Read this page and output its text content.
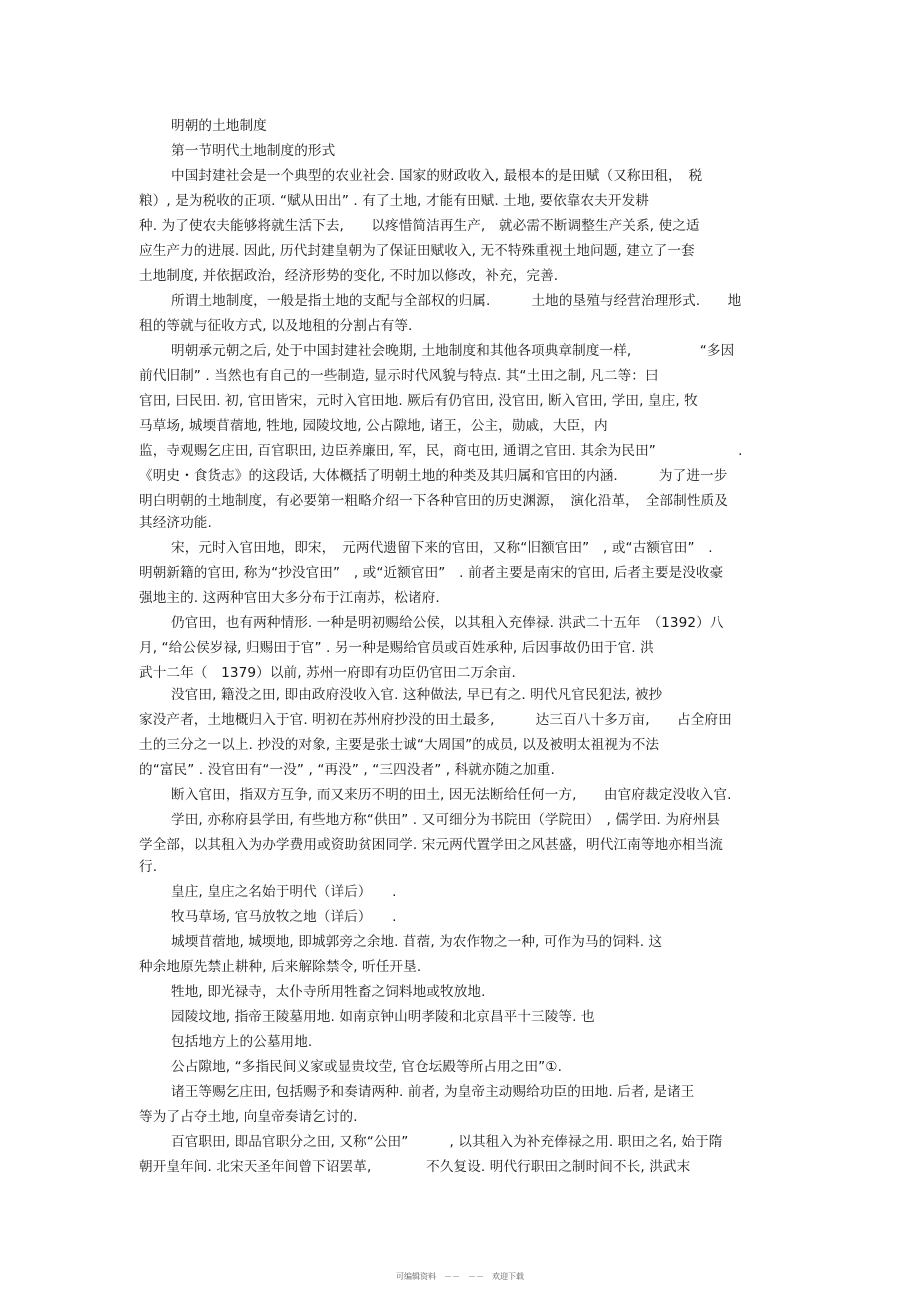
明朝的土地制度
第一节明代土地制度的形式
中国封建社会是一个典型的农业社会. 国家的财政收入, 最根本的是田赋（又称田租，　税
粮）, 是为税收的正项. “赋从田出” . 有了土地, 才能有田赋. 土地, 要依靠农夫开发耕
种. 为了使农夫能够将就生活下去,　　以疼惜简洁再生产,　就必需不断调整生产关系, 使之适
应生产力的进展. 因此, 历代封建皇朝为了保证田赋收入, 无不特殊重视土地问题, 建立了一套
土地制度, 并依据政治，经济形势的变化, 不时加以修改，补充，完善.
所谓土地制度，一般是指土地的支配与全部权的归属.　　　土地的垦殖与经营治理形式.　　地
租的等就与征收方式, 以及地租的分割占有等.
明朝承元朝之后, 处于中国封建社会晚期, 土地制度和其他各项典章制度一样,　　　　　“多因
前代旧制” . 当然也有自己的一些制造, 显示时代风貌与特点. 其“土田之制, 凡二等：曰
官田, 曰民田. 初, 官田皆宋，元时入官田地. 厥后有仍官田, 没官田, 断入官田, 学田, 皇庄, 牧
马草场, 城堧苜蓿地, 牲地, 园陵坟地, 公占隙地, 诸王，公主，勋戚，大臣，内
监，寺观赐乞庄田, 百官职田, 边臣养廉田, 军，民，商屯田, 通谓之官田. 其余为民田”　　　　　　.
《明史・食货志》的这段话, 大体概括了明朝土地的种类及其归属和官田的内涵.　　　为了进一步
明白明朝的土地制度，有必要第一粗略介绍一下各种官田的历史渊源，　演化沿革，　全部制性质及
其经济功能.
宋，元时入官田地，即宋，　元两代遗留下来的官田，又称“旧额官田”　, 或“古额官田”　.
明朝新籍的官田, 称为“抄没官田”　, 或“近额官田”　. 前者主要是南宋的官田, 后者主要是没收豪
强地主的. 这两种官田大多分布于江南苏，松诸府.
仍官田，也有两种情形. 一种是明初赐给公侯，以其租入充俸禄. 洪武二十五年　（1392）八
月, “给公侯岁禄, 归赐田于官” . 另一种是赐给官员或百姓承种, 后因事故仍田于官. 洪
武十二年（　1379）以前, 苏州一府即有功臣仍官田二万余亩.
没官田, 籍没之田, 即由政府没收入官. 这种做法, 早已有之. 明代凡官民犯法, 被抄
家没产者，土地概归入于官. 明初在苏州府抄没的田土最多,　　　达三百八十多万亩,　　占全府田
土的三分之一以上. 抄没的对象, 主要是张士诚“大周国”的成员, 以及被明太祖视为不法
的“富民” . 没官田有“一没” , “再没” , “三四没者” , 科就亦随之加重.
断入官田，指双方互争, 而又来历不明的田土, 因无法断给任何一方,　　由官府裁定没收入官.
学田, 亦称府县学田, 有些地方称“供田” . 又可细分为书院田（学院田）　, 儒学田. 为府州县
学全部，以其租入为办学费用或资助贫困同学. 宋元两代置学田之风甚盛，明代江南等地亦相当流
行.
皇庄, 皇庄之名始于明代（详后）　　.
牧马草场, 官马放牧之地（详后）　　.
城堧苜蓿地, 城堧地, 即城郭旁之余地. 苜蓿, 为农作物之一种, 可作为马的饲料. 这
种余地原先禁止耕种, 后来解除禁令, 听任开垦.
牲地, 即光禄寺，太仆寺所用牲畜之饲料地或牧放地.
园陵坟地, 指帝王陵墓用地. 如南京钟山明孝陵和北京昌平十三陵等. 也
包括地方上的公墓用地.
公占隙地, “多指民间义家或显贵坟茔, 官仓坛殿等所占用之田”①.
诸王等赐乞庄田, 包括赐予和奏请两种. 前者, 为皇帝主动赐给功臣的田地. 后者, 是诸王
等为了占夺土地, 向皇帝奏请乞讨的.
百官职田, 即品官职分之田, 又称“公田”　　　, 以其租入为补充俸禄之用. 职田之名, 始于隋
朝开皇年间. 北宋天圣年间曾下诏罢革,　　　　不久复设. 明代行职田之制时间不长, 洪武末
可编辑资料　－－　－－　欢迎下载
